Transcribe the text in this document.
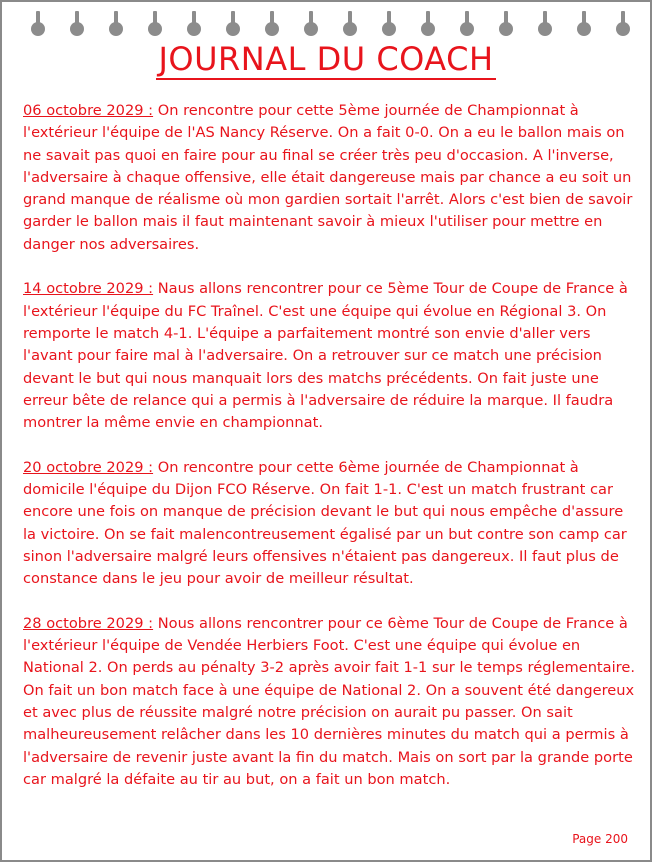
JOURNAL DU COACH

06 octobre 2029 : On rencontre pour cette 5ème journée de Championnat à l'extérieur l'équipe de l'AS Nancy Réserve. On a fait 0-0. On a eu le ballon mais on ne savait pas quoi en faire pour au final se créer très peu d'occasion. A l'inverse, l'adversaire à chaque offensive, elle était dangereuse mais par chance a eu soit un grand manque de réalisme où mon gardien sortait l'arrêt. Alors c'est bien de savoir garder le ballon mais il faut maintenant savoir à mieux l'utiliser pour mettre en danger nos adversaires.

14 octobre 2029 : Naus allons rencontrer pour ce 5ème Tour de Coupe de France à l'extérieur l'équipe du FC Traînel. C'est une équipe qui évolue en Régional 3. On remporte le match 4-1. L'équipe a parfaitement montré son envie d'aller vers l'avant pour faire mal à l'adversaire. On a retrouver sur ce match une précision devant le but qui nous manquait lors des matchs précédents. On fait juste une erreur bête de relance qui a permis à l'adversaire de réduire la marque. Il faudra montrer la même envie en championnat.

20 octobre 2029 : On rencontre pour cette 6ème journée de Championnat à domicile l'équipe du Dijon FCO Réserve. On fait 1-1. C'est un match frustrant car encore une fois on manque de précision devant le but qui nous empêche d'assure la victoire. On se fait malencontreusement égalisé par un but contre son camp car sinon l'adversaire malgré leurs offensives n'étaient pas dangereux. Il faut plus de constance dans le jeu pour avoir de meilleur résultat.

28 octobre 2029 : Nous allons rencontrer pour ce 6ème Tour de Coupe de France à l'extérieur l'équipe de Vendée Herbiers Foot. C'est une équipe qui évolue en National 2. On perds au pénalty 3-2 après avoir fait 1-1 sur le temps réglementaire. On fait un bon match face à une équipe de National 2. On a souvent été dangereux et avec plus de réussite malgré notre précision on aurait pu passer. On sait malheureusement relâcher dans les 10 dernières minutes du match qui a permis à l'adversaire de revenir juste avant la fin du match. Mais on sort par la grande porte car malgré la défaite au tir au but, on a fait un bon match.

Page 200
